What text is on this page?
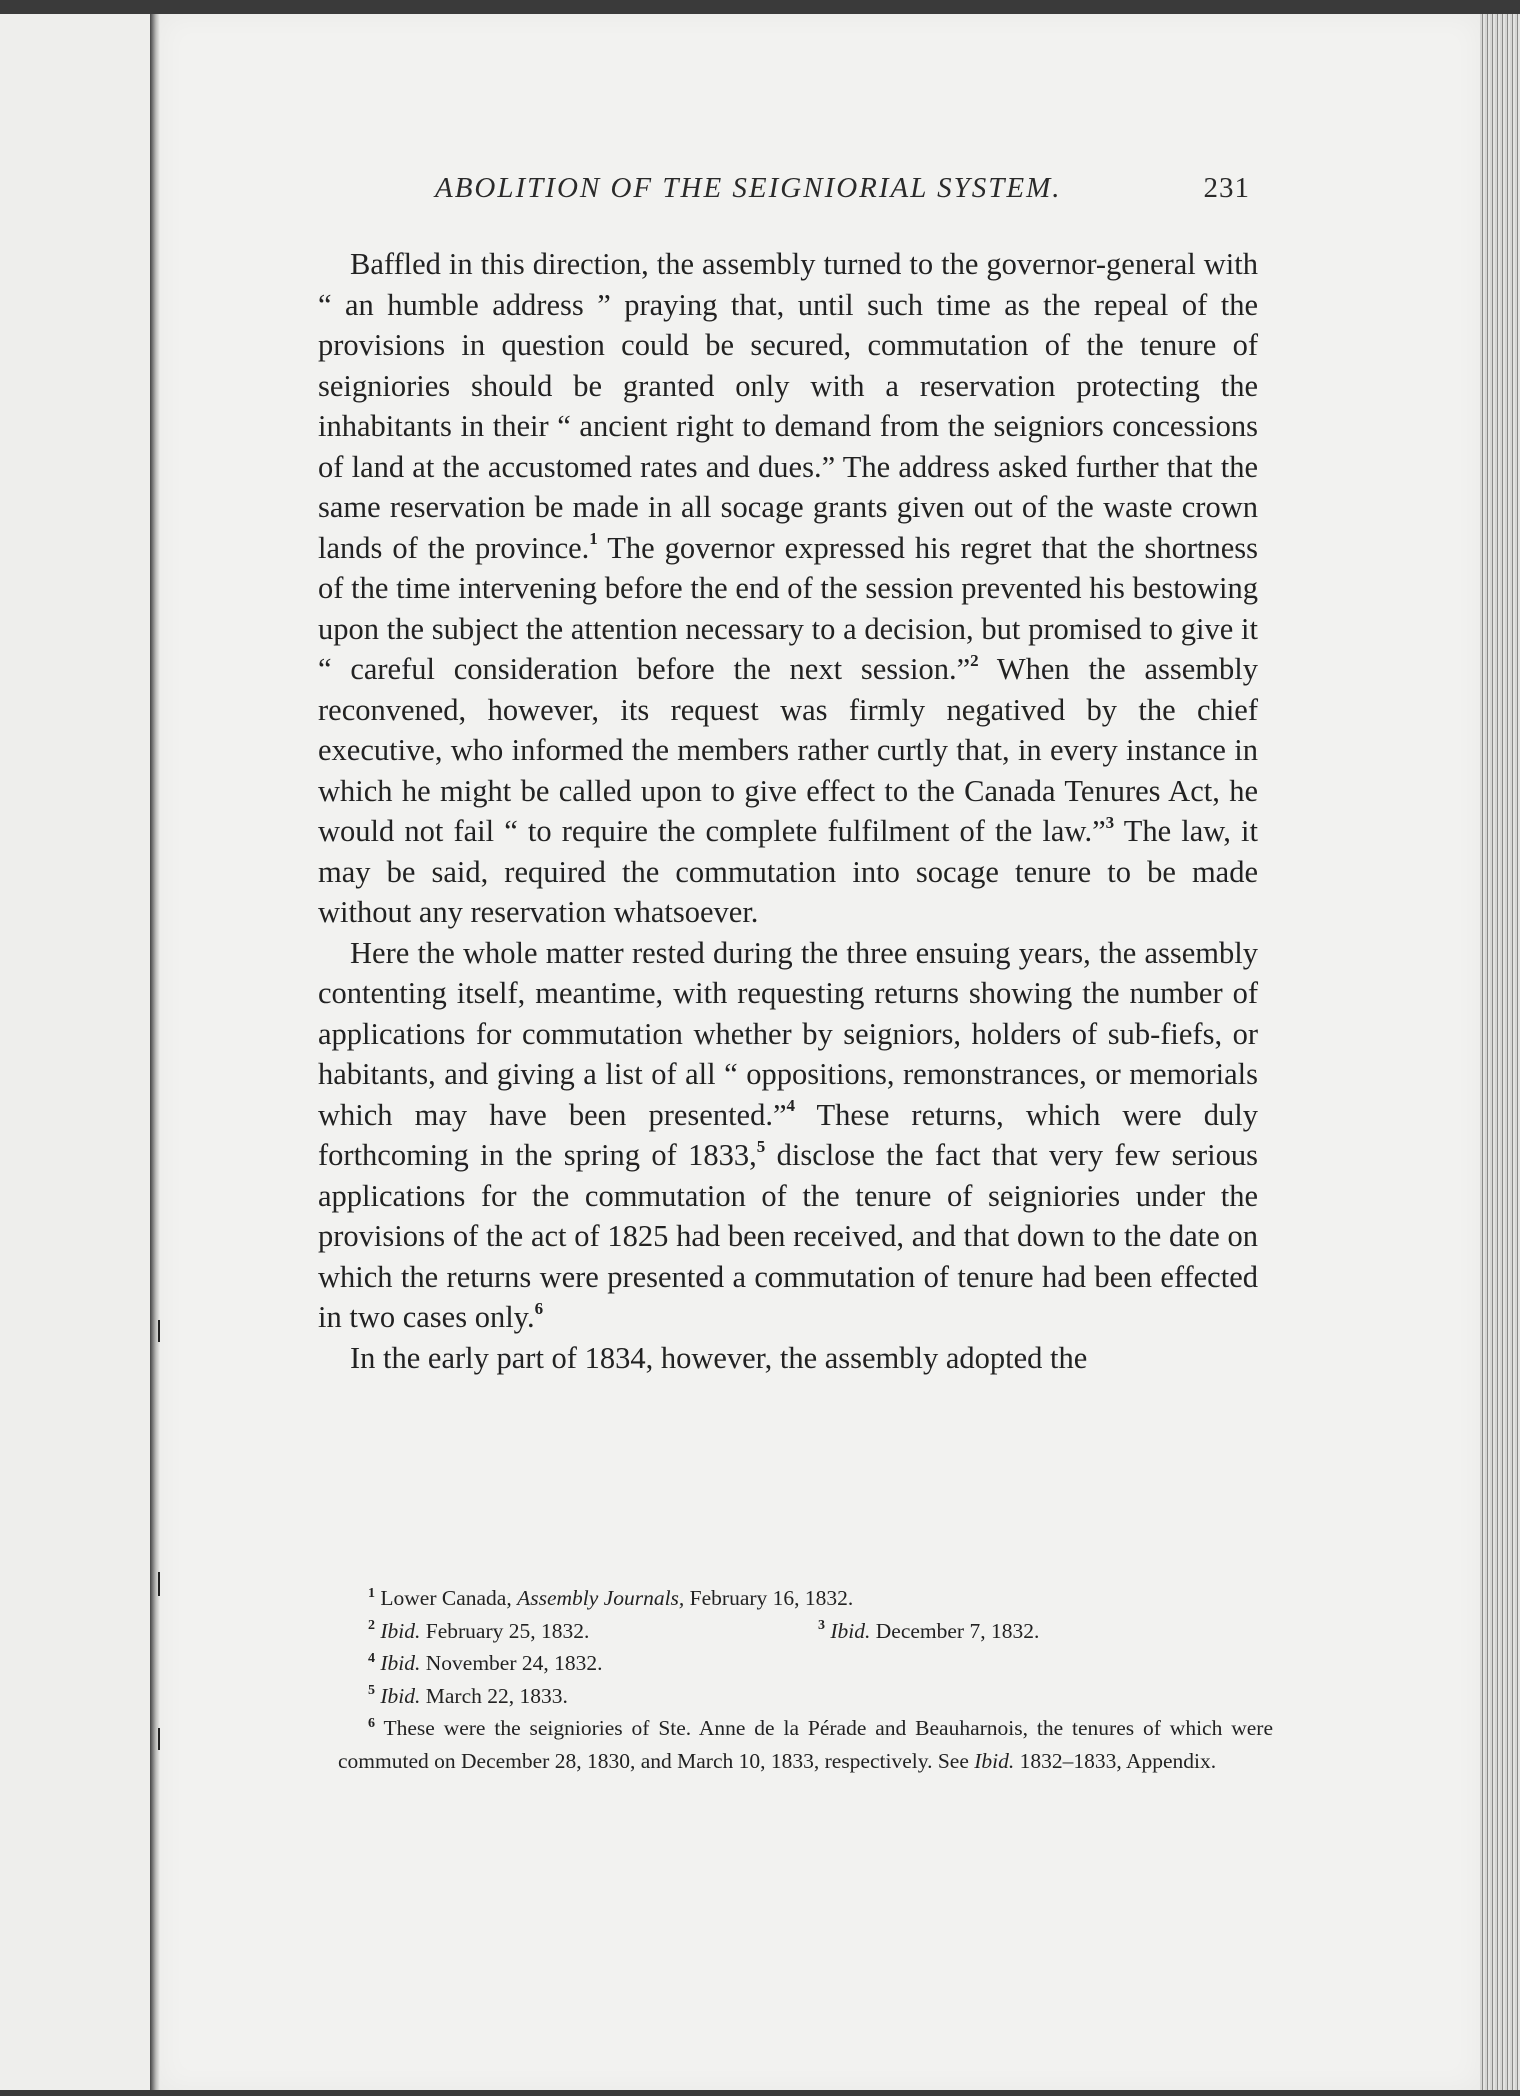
ABOLITION OF THE SEIGNIORIAL SYSTEM.	231

Baffled in this direction, the assembly turned to the governor-general with “ an humble address ” praying that, until such time as the repeal of the provisions in question could be secured, commutation of the tenure of seigniories should be granted only with a reservation protecting the inhabitants in their “ ancient right to demand from the seigniors concessions of land at the accustomed rates and dues.” The address asked further that the same reservation be made in all socage grants given out of the waste crown lands of the province.$^1$ The governor expressed his regret that the shortness of the time intervening before the end of the session prevented his bestowing upon the subject the attention necessary to a decision, but promised to give it “ careful consideration before the next session.”$^2$ When the assembly reconvened, however, its request was firmly negatived by the chief executive, who informed the members rather curtly that, in every instance in which he might be called upon to give effect to the Canada Tenures Act, he would not fail “ to require the complete fulfilment of the law.”$^3$ The law, it may be said, required the commutation into socage tenure to be made without any reservation whatsoever.

Here the whole matter rested during the three ensuing years, the assembly contenting itself, meantime, with requesting returns showing the number of applications for commutation whether by seigniors, holders of sub-fiefs, or habitants, and giving a list of all “ oppositions, remonstrances, or memorials which may have been presented.”$^4$ These returns, which were duly forthcoming in the spring of 1833,$^5$ disclose the fact that very few serious applications for the commutation of the tenure of seigniories under the provisions of the act of 1825 had been received, and that down to the date on which the returns were presented a commutation of tenure had been effected in two cases only.$^6$

In the early part of 1834, however, the assembly adopted the

$^1$ Lower Canada, Assembly Journals, February 16, 1832.

$^2$ Ibid. February 25, 1832.	$^3$ Ibid. December 7, 1832.

$^4$ Ibid. November 24, 1832.

$^5$ Ibid. March 22, 1833.

$^6$ These were the seigniories of Ste. Anne de la Pérade and Beauharnois, the tenures of which were commuted on December 28, 1830, and March 10, 1833, respectively. See Ibid. 1832–1833, Appendix.
